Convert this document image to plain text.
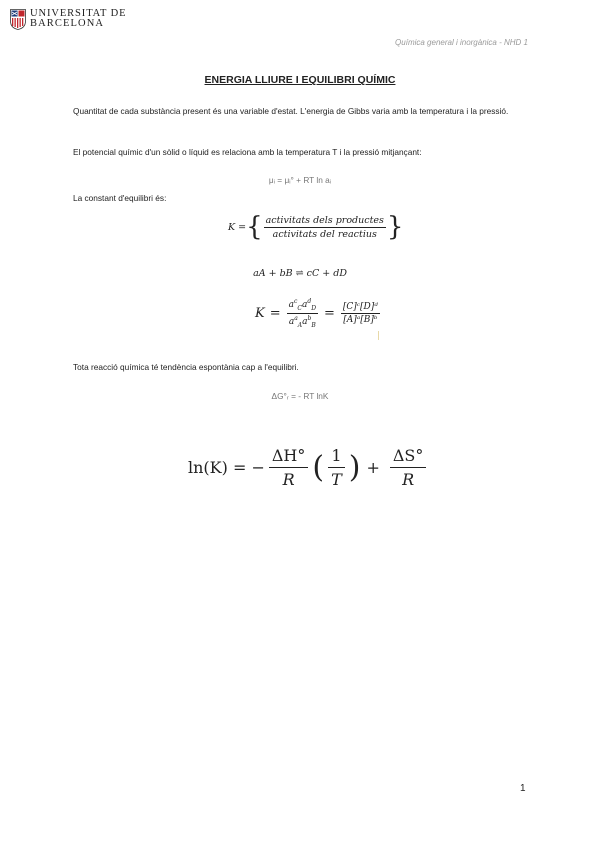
UNIVERSITAT DE
BARCELONA
Química general i inorgànica - NHD 1
ENERGIA LLIURE I EQUILIBRI QUÍMIC
Quantitat de cada substància present és una variable d'estat. L'energia de Gibbs varia amb la temperatura i la pressió.
El potencial químic d'un sòlid o líquid es relaciona amb la temperatura T i la pressió mitjançant:
μᵢ = μᵢ° + RT ln aᵢ
La constant d'equilibri és:
K = { $\frac{\text{activitats dels productes}}{\text{activitats del reactius}}$ }
aA + bB ⇌ cC + dD
$K = \frac{a^c_Ca^d_D}{a^a_Aa^b_B} = \frac{\text{[C]ᶜ[D]ᵈ}}{\text{[A]ᵃ[B]ᵇ}}$
Tota reacció química té tendència espontània cap a l'equilibri.
ΔG°ᵣ = - RT lnK
ln(K) = − $\frac{\Delta H^\circ}{R}$ ( $\frac{1}{T}$ ) + $\frac{\Delta S^\circ}{R}$
1
